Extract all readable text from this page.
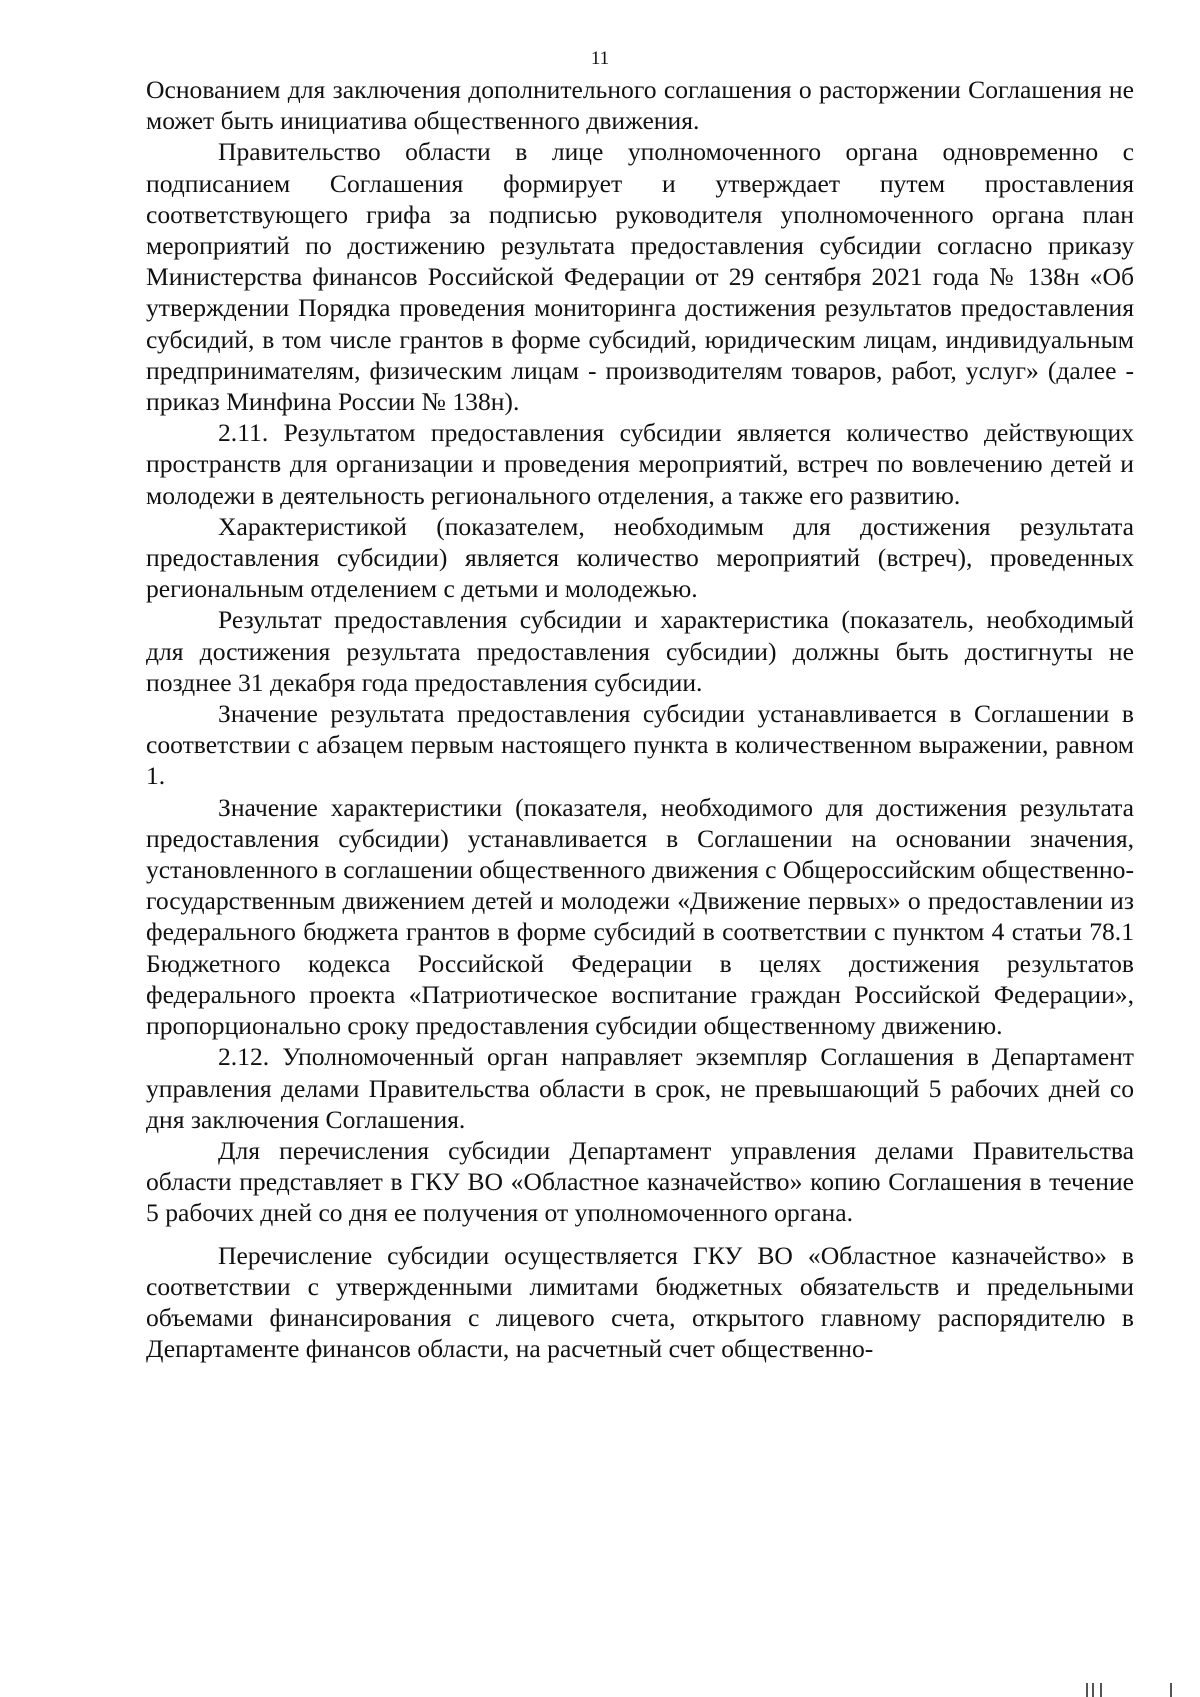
11

Основанием для заключения дополнительного соглашения о расторжении Соглашения не может быть инициатива общественного движения.

Правительство области в лице уполномоченного органа одновременно с подписанием Соглашения формирует и утверждает путем проставления соответствующего грифа за подписью руководителя уполномоченного органа план мероприятий по достижению результата предоставления субсидии согласно приказу Министерства финансов Российской Федерации от 29 сентября 2021 года № 138н «Об утверждении Порядка проведения мониторинга достижения результатов предоставления субсидий, в том числе грантов в форме субсидий, юридическим лицам, индивидуальным предпринимателям, физическим лицам - производителям товаров, работ, услуг» (далее - приказ Минфина России № 138н).

2.11. Результатом предоставления субсидии является количество действующих пространств для организации и проведения мероприятий, встреч по вовлечению детей и молодежи в деятельность регионального отделения, а также его развитию.

Характеристикой (показателем, необходимым для достижения результата предоставления субсидии) является количество мероприятий (встреч), проведенных региональным отделением с детьми и молодежью.

Результат предоставления субсидии и характеристика (показатель, необходимый для достижения результата предоставления субсидии) должны быть достигнуты не позднее 31 декабря года предоставления субсидии.

Значение результата предоставления субсидии устанавливается в Соглашении в соответствии с абзацем первым настоящего пункта в количественном выражении, равном 1.

Значение характеристики (показателя, необходимого для достижения результата предоставления субсидии) устанавливается в Соглашении на основании значения, установленного в соглашении общественного движения с Общероссийским общественно-государственным движением детей и молодежи «Движение первых» о предоставлении из федерального бюджета грантов в форме субсидий в соответствии с пунктом 4 статьи 78.1 Бюджетного кодекса Российской Федерации в целях достижения результатов федерального проекта «Патриотическое воспитание граждан Российской Федерации», пропорционально сроку предоставления субсидии общественному движению.

2.12. Уполномоченный орган направляет экземпляр Соглашения в Департамент управления делами Правительства области в срок, не превышающий 5 рабочих дней со дня заключения Соглашения.

Для перечисления субсидии Департамент управления делами Правительства области представляет в ГКУ ВО «Областное казначейство» копию Соглашения в течение 5 рабочих дней со дня ее получения от уполномоченного органа.

Перечисление субсидии осуществляется ГКУ ВО «Областное казначейство» в соответствии с утвержденными лимитами бюджетных обязательств и предельными объемами финансирования с лицевого счета, открытого главному распорядителю в Департаменте финансов области, на расчетный счет общественно-
